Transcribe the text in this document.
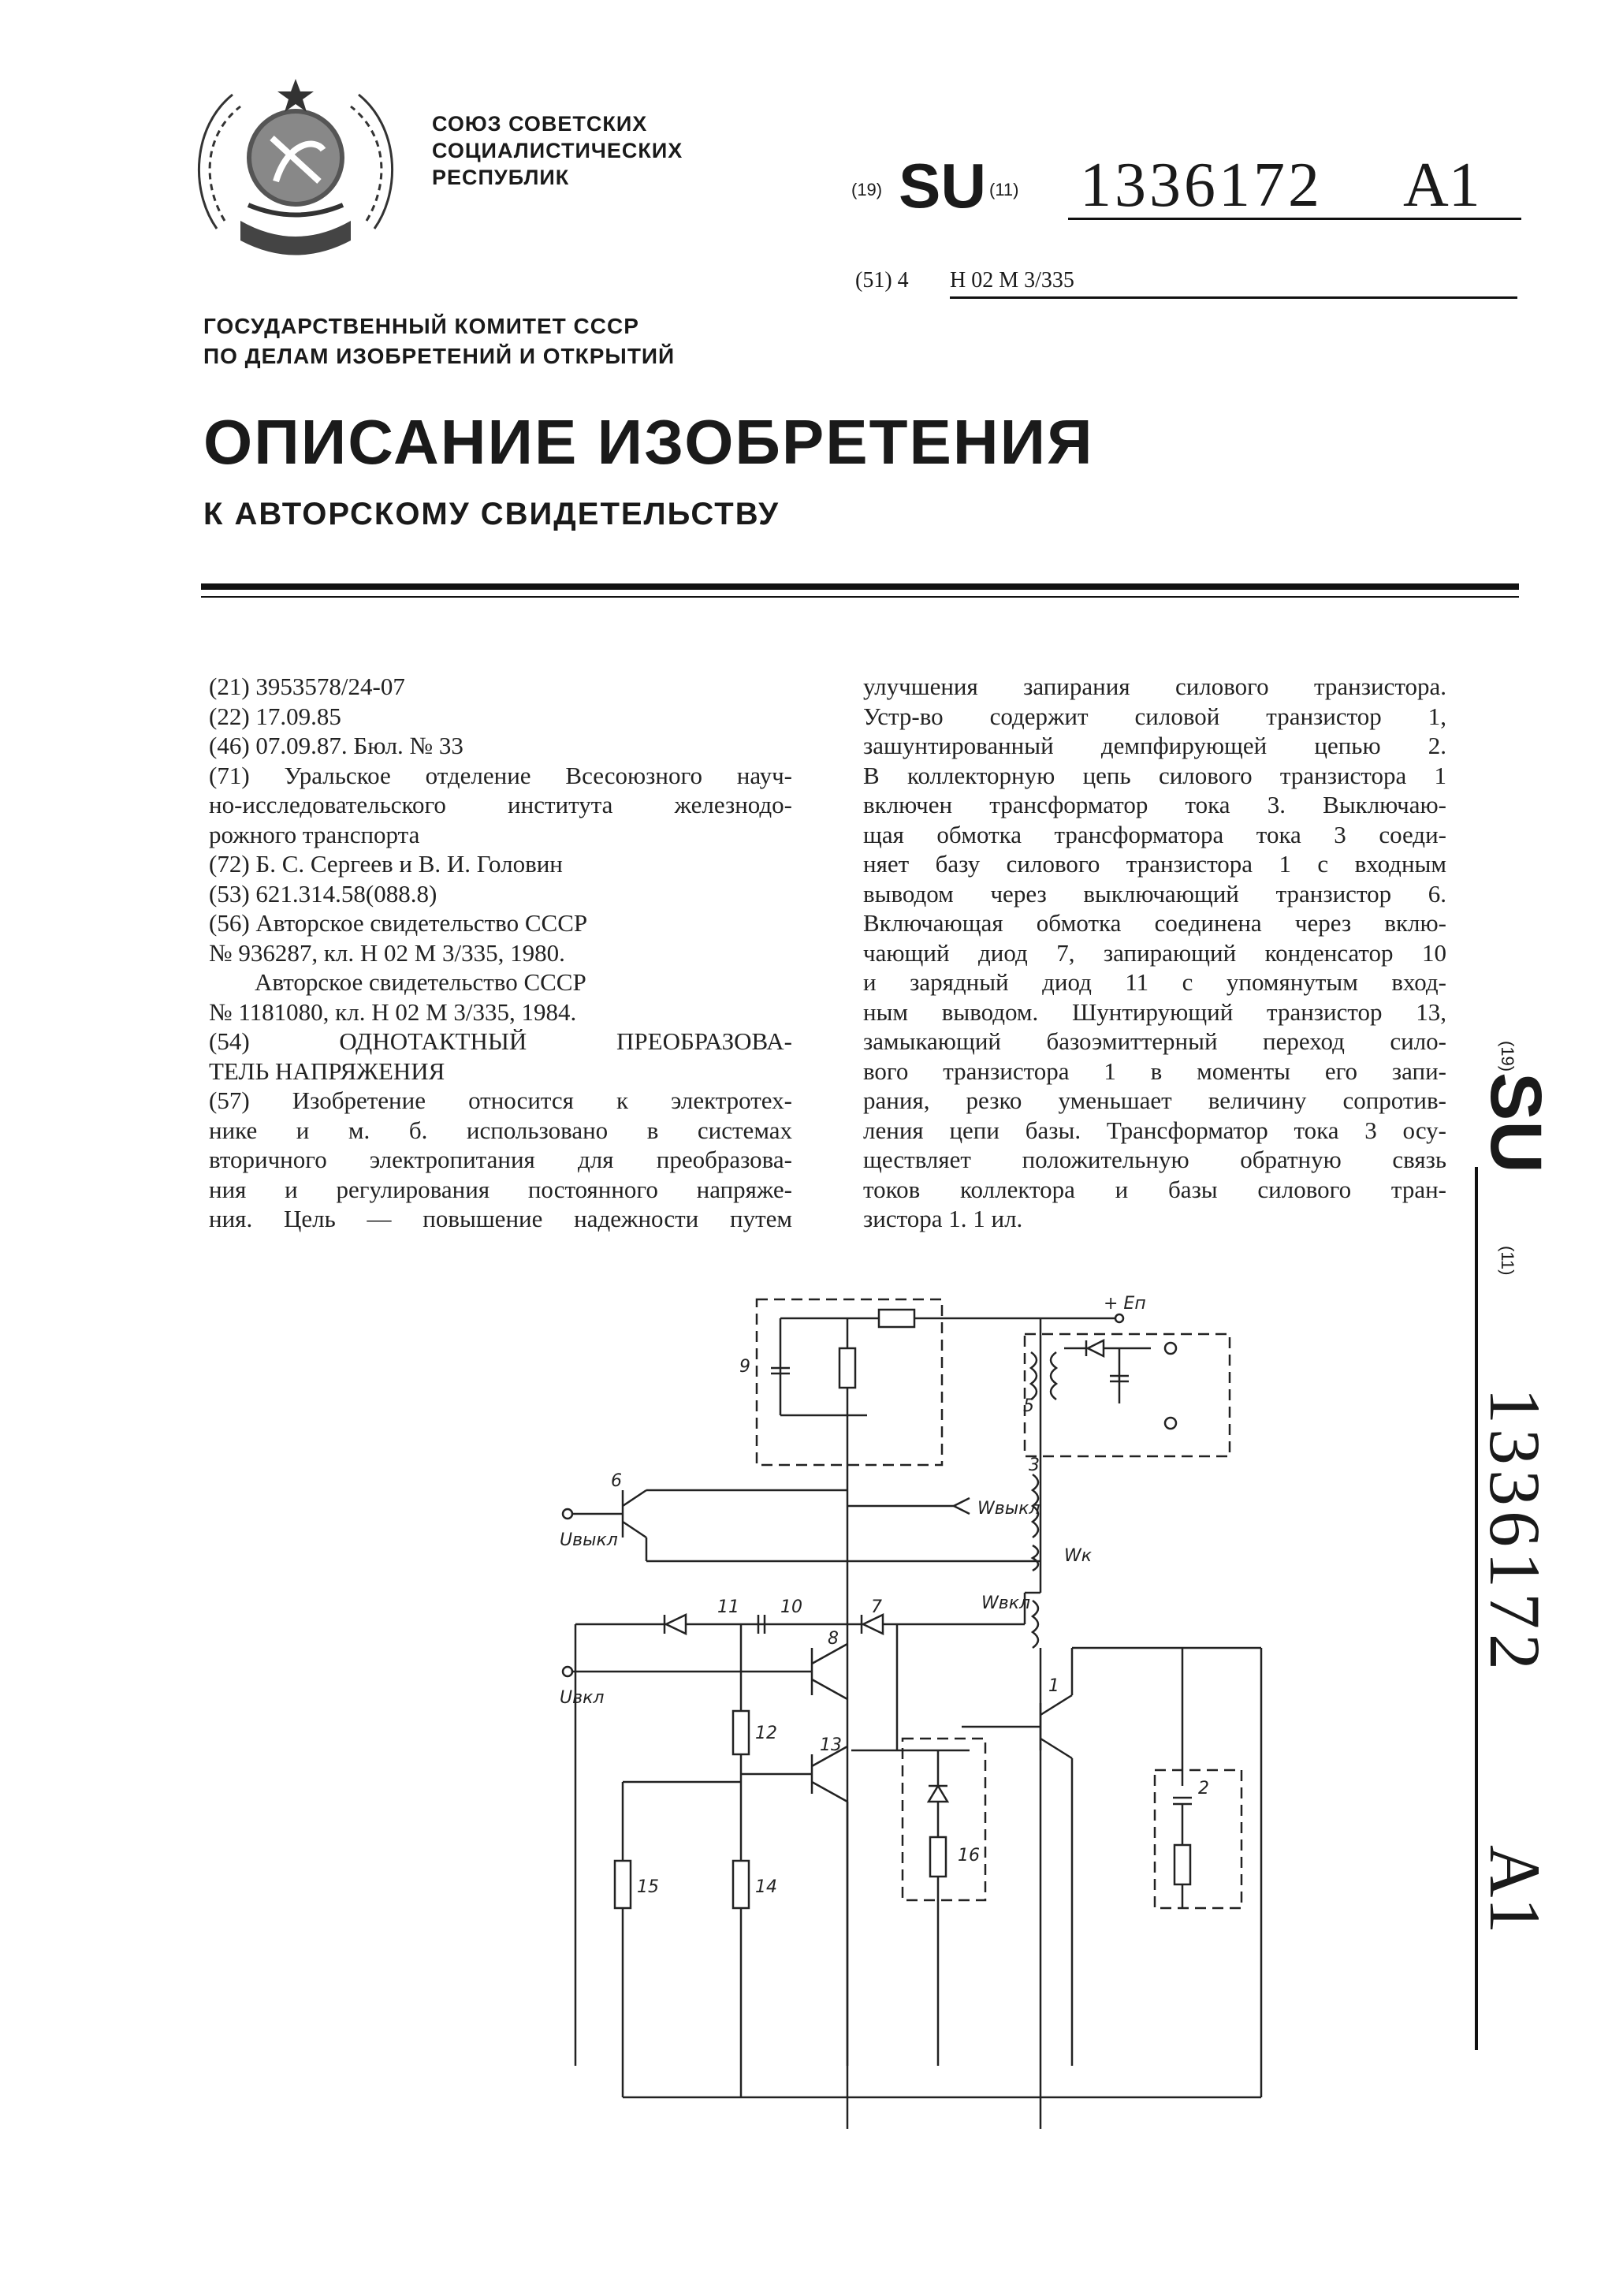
СОЮЗ СОВЕТСКИХ
СОЦИАЛИСТИЧЕСКИХ
РЕСПУБЛИК
(19) SU (11) 1336172 A1
(51) 4 H 02 M 3/335
ГОСУДАРСТВЕННЫЙ КОМИТЕТ СССР
ПО ДЕЛАМ ИЗОБРЕТЕНИЙ И ОТКРЫТИЙ
ОПИСАНИЕ ИЗОБРЕТЕНИЯ
К АВТОРСКОМУ СВИДЕТЕЛЬСТВУ
(21) 3953578/24-07
(22) 17.09.85
(46) 07.09.87. Бюл. № 33
(71) Уральское отделение Всесоюзного науч-
но-исследовательского института железнодо-
рожного транспорта
(72) Б. С. Сергеев и В. И. Головин
(53) 621.314.58(088.8)
(56) Авторское свидетельство СССР
№ 936287, кл. Н 02 М 3/335, 1980.
Авторское свидетельство СССР
№ 1181080, кл. Н 02 М 3/335, 1984.
(54) ОДНОТАКТНЫЙ ПРЕОБРАЗОВА-
ТЕЛЬ НАПРЯЖЕНИЯ
(57) Изобретение относится к электротех-
нике и м. б. использовано в системах
вторичного электропитания для преобразова-
ния и регулирования постоянного напряже-
ния. Цель — повышение надежности путем
улучшения запирания силового транзистора.
Устр-во содержит силовой транзистор 1,
зашунтированный демпфирующей цепью 2.
В коллекторную цепь силового транзистора 1
включен трансформатор тока 3. Выключаю-
щая обмотка трансформатора тока 3 соеди-
няет базу силового транзистора 1 с входным
выводом через выключающий транзистор 6.
Включающая обмотка соединена через вклю-
чающий диод 7, запирающий конденсатор 10
и зарядный диод 11 с упомянутым вход-
ным выводом. Шунтирующий транзистор 13,
замыкающий базоэмиттерный переход сило-
вого транзистора 1 в моменты его запи-
рания, резко уменьшает величину сопротив-
ления цепи базы. Трансформатор тока 3 осу-
ществляет положительную обратную связь
токов коллектора и базы силового тран-
зистора 1. 1 ил.
(19)
SU
(11)
1336172
A1
+ Eп
9
5
3
Wвыкл
Wк
Wвкл
6
Uвыкл
11 10	7
8
Uвкл
12
13
15	14
16
1
2
